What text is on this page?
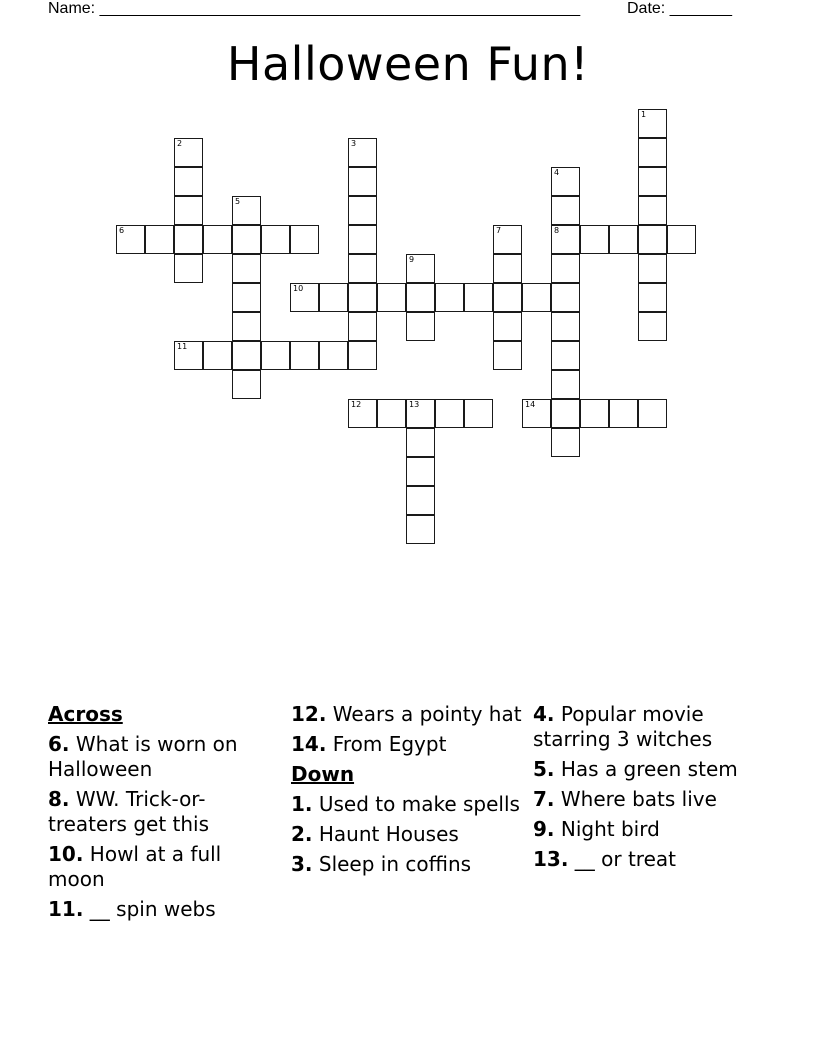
Name: ______________________________________________________	Date: _______
Halloween Fun!
1
2	3
4
5
6	7	8
9
10
11
12	13	14
Across
6. What is worn on Halloween
8. WW. Trick-or-treaters get this
10. Howl at a full moon
11. __ spin webs
12. Wears a pointy hat
14. From Egypt
Down
1. Used to make spells
2. Haunt Houses
3. Sleep in coffins
4. Popular movie starring 3 witches
5. Has a green stem
7. Where bats live
9. Night bird
13. __ or treat
